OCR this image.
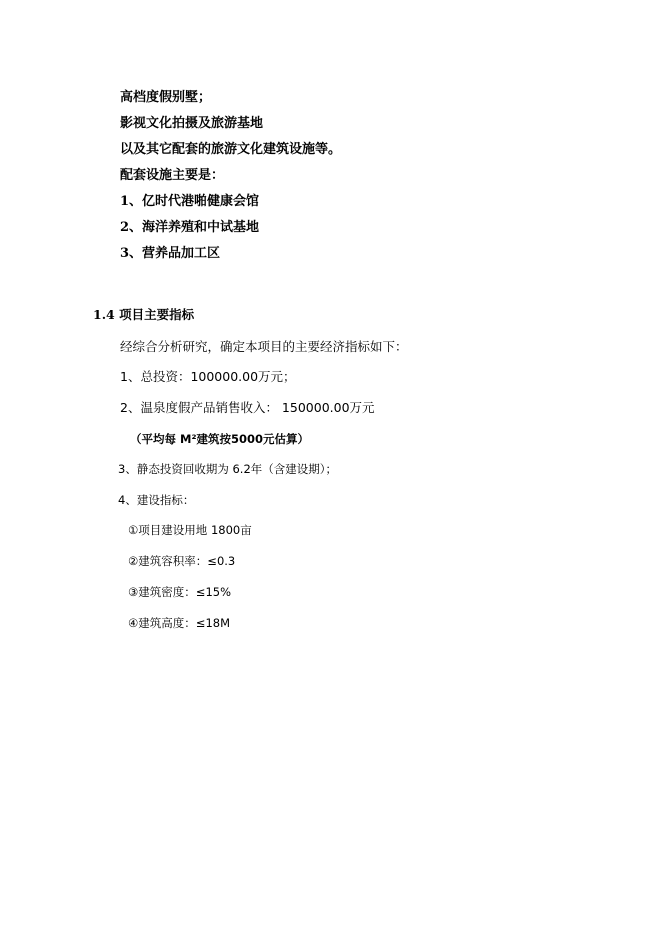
高档度假别墅；
影视文化拍摄及旅游基地
以及其它配套的旅游文化建筑设施等。
配套设施主要是：
1、亿时代港啪健康会馆
2、海洋养殖和中试基地
3、营养品加工区
1.4 项目主要指标
经综合分析研究，确定本项目的主要经济指标如下：
1、总投资：100000.00万元；
2、温泉度假产品销售收入： 150000.00万元
（平均每 M²建筑按5000元估算）
3、静态投资回收期为 6.2年（含建设期）；
4、建设指标：
①项目建设用地 1800亩
②建筑容积率：≤0.3
③建筑密度：≤15%
④建筑高度：≤18M
